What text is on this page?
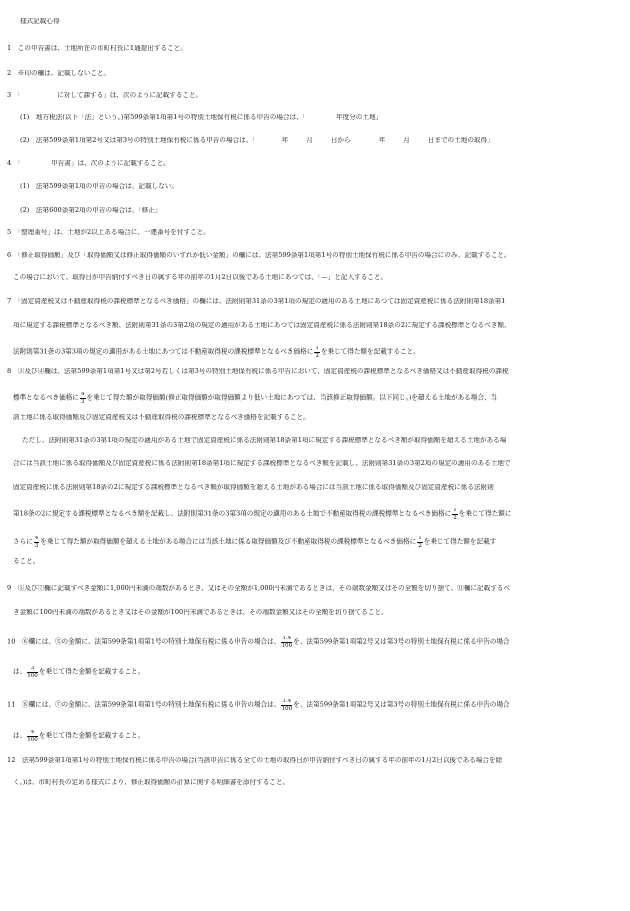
様式記載心得
1　この申告書は、土地所在の市町村長に1通提出すること。
2　※印の欄は、記載しないこと。
3　「	に対して課する」は、次のように記載すること。
(1)　地方税法(以下「法」という。)第599条第1項第1号の特別土地保有税に係る申告の場合は、「	年度分の土地」
(2)　法第599条第1項第2号又は第3号の特別土地保有税に係る申告の場合は、「	年	月	日から	年	月	日までの土地の取得」
4　「	申告書」は、次のように記載すること。
(1)　法第599条第1項の申告の場合は、記載しない。
(2)　法第600条第2項の申告の場合は、「修正」
5　「整理番号」は、土地が2以上ある場合に、一連番号を付すこと。
6　「修正取得価額」及び「取得価額又は修正取得価額のいずれか低い金額」の欄には、法第599条第1項第1号の特別土地保有税に係る申告の場合にのみ、記載すること。
この場合において、取得日が申告納付すべき日の属する年の前年の1月2日以後である土地にあつては、「—」と記入すること。
7　「固定資産税又は不動産取得税の課税標準となるべき価格」の欄には、法附則第31条の3第1項の規定の適用のある土地にあつては固定資産税に係る法附則第18条第1
項に規定する課税標準となるべき額、法附則第31条の3第2項の規定の適用がある土地にあつては固定資産税に係る法附則第18条の2に規定する課税標準となるべき額、
法附則第31条の3第3項の規定の適用がある土地にあつては不動産取得税の課税標準となるべき価格に $\frac{1}{2}$ を乗じて得た額を記載すること。
8　③及び④欄は、法第599条第1項第1号又は第2号若しくは第3号の特別土地保有税に係る申告において、固定資産税の課税標準となるべき価格又は不動産取得税の課税
標準となるべき価格に $\frac{4}{3}$ を乗じて得た額が取得価額(修正取得価額が取得価額より低い土地にあつては、当該修正取得価額。以下同じ。)を超える土地がある場合、当
該土地に係る取得価額及び固定資産税又は不動産取得税の課税標準となるべき価格を記載すること。
ただし、法附則第31条の3第1項の規定の適用がある土地で固定資産税に係る法附則第18条第1項に規定する課税標準となるべき額が取得価額を超える土地がある場
合には当該土地に係る取得価額及び固定資産税に係る法附則第18条第1項に規定する課税標準となるべき額を記載し、法附則第31条の3第2項の規定の適用のある土地で
固定資産税に係る法附則第18条の2に規定する課税標準となるべき額が取得価額を超える土地がある場合には当該土地に係る取得価額及び固定資産税に係る法附則
第18条の2に規定する課税標準となるべき額を記載し、法附則第31条の3第3項の規定の適用のある土地で不動産取得税の課税標準となるべき価格に $\frac{1}{2}$ を乗じて得た額に
さらに $\frac{4}{3}$ を乗じて得た額が取得価額を超える土地がある場合には当該土地に係る取得価額及び不動産取得税の課税標準となるべき価格に $\frac{1}{2}$ を乗じて得た額を記載す
ること。
9　⑤及び⑦欄に記載すべき金額に1,000円未満の端数があるとき、又はその全額が1,000円未満であるときは、その端数金額又はその全額を切り捨て、⑪欄に記載するべ
き金額に100円未満の端数があるとき又はその金額が100円未満であるときは、その端数金額又はその全額を切り捨てること。
10　⑥欄には、⑤の金額に、法第599条第1項第1号の特別土地保有税に係る申告の場合は、 $\frac{1.4}{100}$ を、法第599条第1項第2号又は第3号の特別土地保有税に係る申告の場合
は、 $\frac{3}{100}$ を乗じて得た金額を記載すること。
11　⑧欄には、⑦の金額に、法第599条第1項第1号の特別土地保有税に係る申告の場合は、 $\frac{1.4}{100}$ を、法第599条第1項第2号又は第3号の特別土地保有税に係る申告の場合
は、 $\frac{4}{100}$ を乗じて得た金額を記載すること。
12　法第599条第1項第1号の特別土地保有税に係る申告の場合(当該申告に係る全ての土地の取得日が申告納付すべき日の属する年の前年の1月2日以後である場合を除
く。)は、市町村長の定める様式により、修正取得価額の計算に関する明細書を添付すること。
